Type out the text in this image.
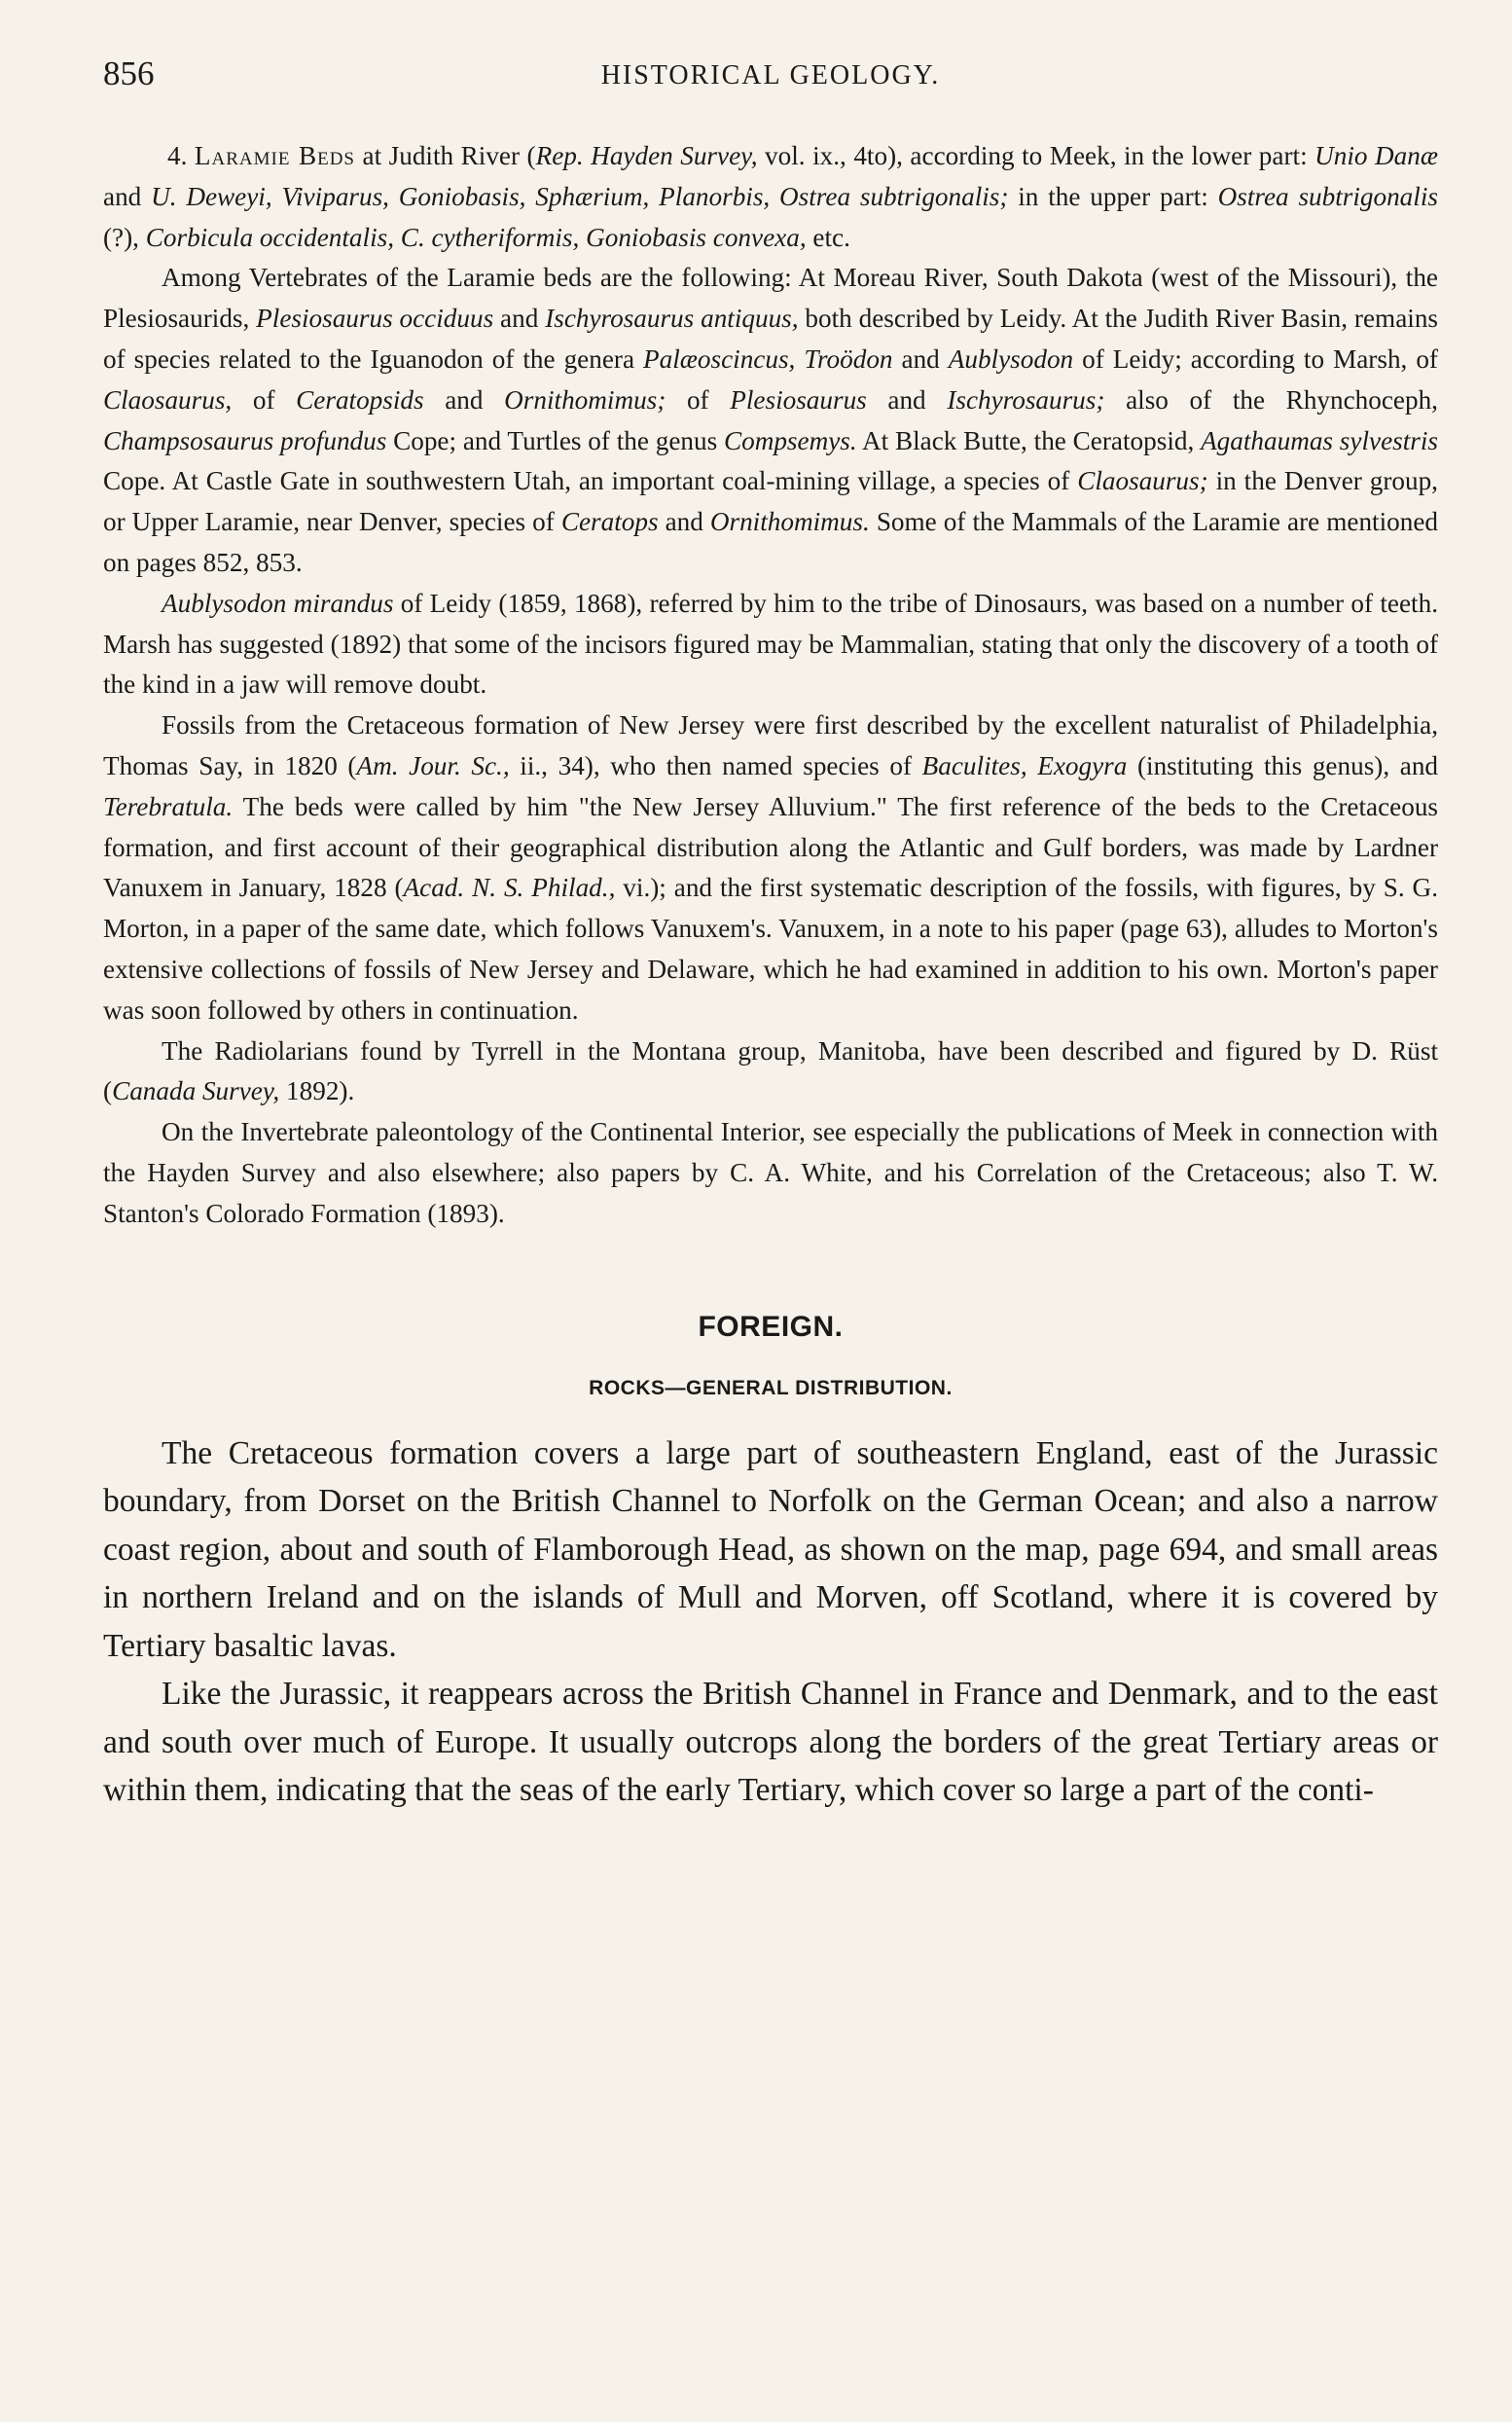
856	HISTORICAL GEOLOGY.

4. Laramie Beds at Judith River (Rep. Hayden Survey, vol. ix., 4to), according to Meek, in the lower part: Unio Danæ and U. Deweyi, Viviparus, Goniobasis, Sphærium, Planorbis, Ostrea subtrigonalis; in the upper part: Ostrea subtrigonalis (?), Corbicula occidentalis, C. cytheriformis, Goniobasis convexa, etc.

Among Vertebrates of the Laramie beds are the following: At Moreau River, South Dakota (west of the Missouri), the Plesiosaurids, Plesiosaurus occiduus and Ischyrosaurus antiquus, both described by Leidy. At the Judith River Basin, remains of species related to the Iguanodon of the genera Palæoscincus, Troödon and Aublysodon of Leidy; according to Marsh, of Claosaurus, of Ceratopsids and Ornithomimus; of Plesiosaurus and Ischyrosaurus; also of the Rhynchoceph, Champsosaurus profundus Cope; and Turtles of the genus Compsemys. At Black Butte, the Ceratopsid, Agathaumas sylvestris Cope. At Castle Gate in southwestern Utah, an important coal-mining village, a species of Claosaurus; in the Denver group, or Upper Laramie, near Denver, species of Ceratops and Ornithomimus. Some of the Mammals of the Laramie are mentioned on pages 852, 853.

Aublysodon mirandus of Leidy (1859, 1868), referred by him to the tribe of Dinosaurs, was based on a number of teeth. Marsh has suggested (1892) that some of the incisors figured may be Mammalian, stating that only the discovery of a tooth of the kind in a jaw will remove doubt.

Fossils from the Cretaceous formation of New Jersey were first described by the excellent naturalist of Philadelphia, Thomas Say, in 1820 (Am. Jour. Sc., ii., 34), who then named species of Baculites, Exogyra (instituting this genus), and Terebratula. The beds were called by him "the New Jersey Alluvium." The first reference of the beds to the Cretaceous formation, and first account of their geographical distribution along the Atlantic and Gulf borders, was made by Lardner Vanuxem in January, 1828 (Acad. N. S. Philad., vi.); and the first systematic description of the fossils, with figures, by S. G. Morton, in a paper of the same date, which follows Vanuxem's. Vanuxem, in a note to his paper (page 63), alludes to Morton's extensive collections of fossils of New Jersey and Delaware, which he had examined in addition to his own. Morton's paper was soon followed by others in continuation.

The Radiolarians found by Tyrrell in the Montana group, Manitoba, have been described and figured by D. Rüst (Canada Survey, 1892).

On the Invertebrate paleontology of the Continental Interior, see especially the publications of Meek in connection with the Hayden Survey and also elsewhere; also papers by C. A. White, and his Correlation of the Cretaceous; also T. W. Stanton's Colorado Formation (1893).

FOREIGN.
ROCKS—GENERAL DISTRIBUTION.

The Cretaceous formation covers a large part of southeastern England, east of the Jurassic boundary, from Dorset on the British Channel to Norfolk on the German Ocean; and also a narrow coast region, about and south of Flamborough Head, as shown on the map, page 694, and small areas in northern Ireland and on the islands of Mull and Morven, off Scotland, where it is covered by Tertiary basaltic lavas.

Like the Jurassic, it reappears across the British Channel in France and Denmark, and to the east and south over much of Europe. It usually outcrops along the borders of the great Tertiary areas or within them, indicating that the seas of the early Tertiary, which cover so large a part of the conti-
